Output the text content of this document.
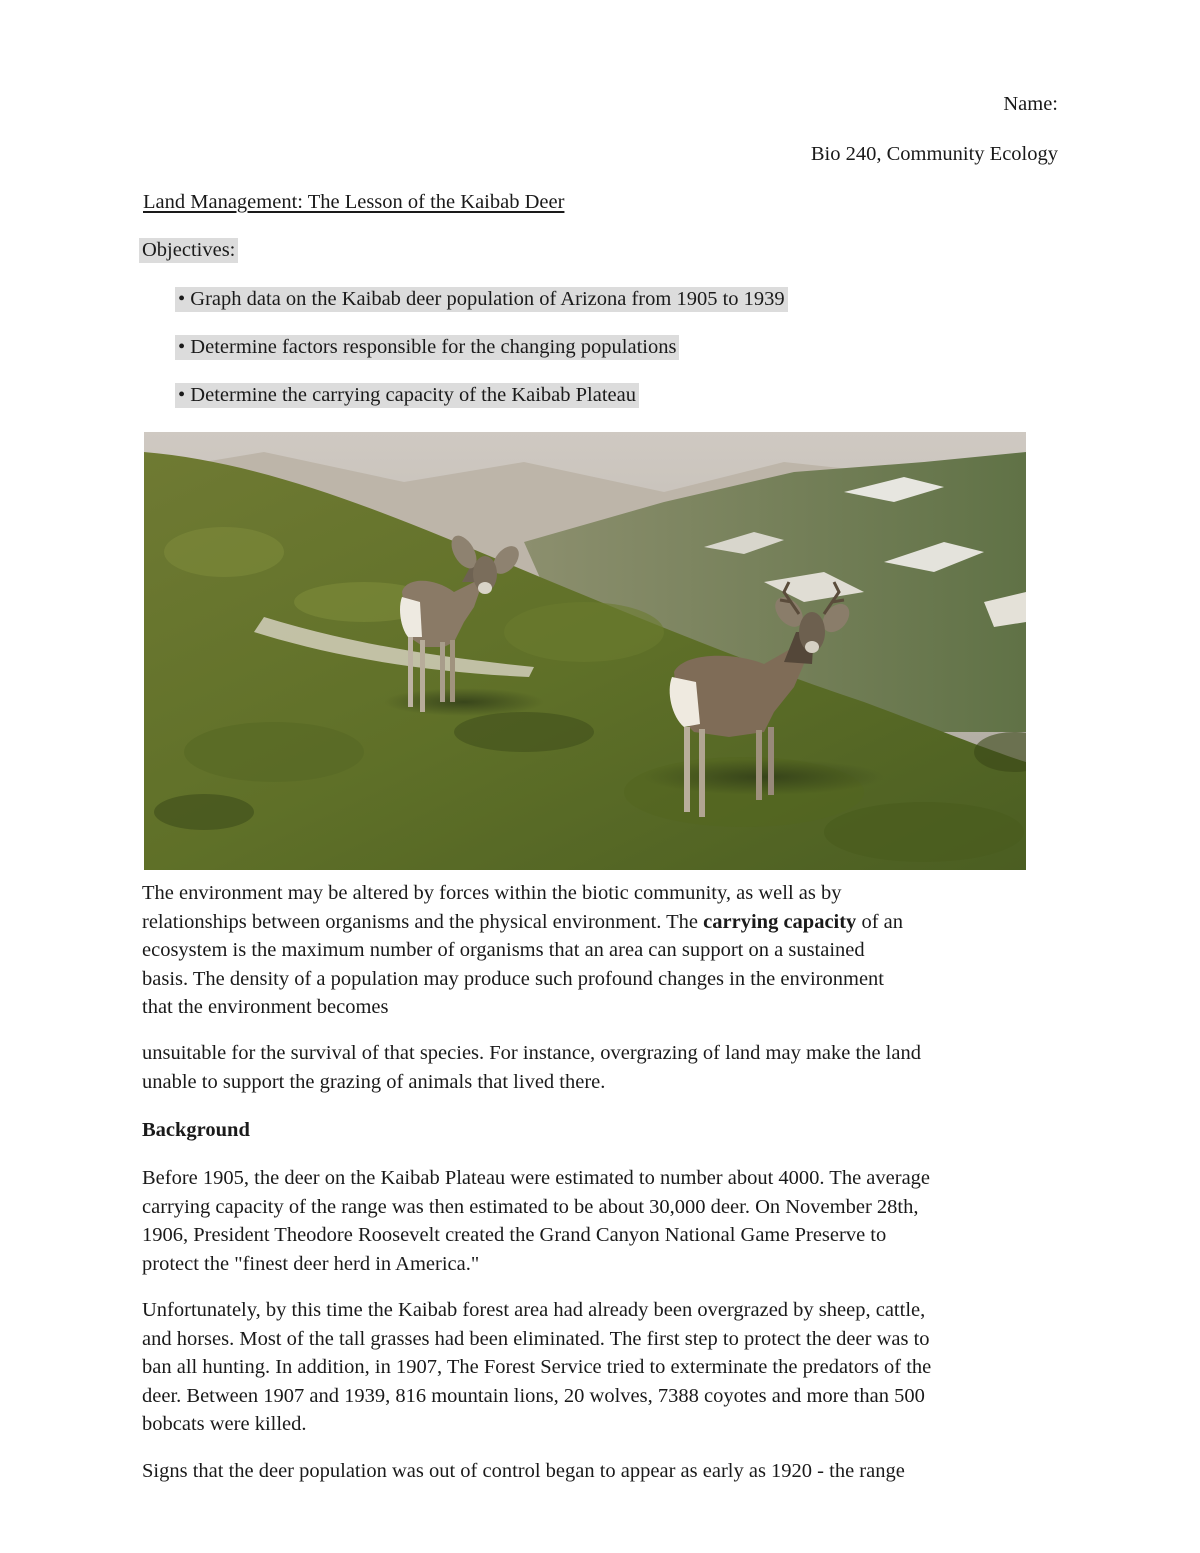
Name:
Bio 240, Community Ecology
Land Management: The Lesson of the Kaibab Deer
Objectives:
• Graph data on the Kaibab deer population of Arizona from 1905 to 1939
• Determine factors responsible for the changing populations
• Determine the carrying capacity of the Kaibab Plateau
The environment may be altered by forces within the biotic community, as well as by
relationships between organisms and the physical environment. The carrying capacity of an
ecosystem is the maximum number of organisms that an area can support on a sustained
basis. The density of a population may produce such profound changes in the environment
that the environment becomes
unsuitable for the survival of that species. For instance, overgrazing of land may make the land
unable to support the grazing of animals that lived there.
Background
Before 1905, the deer on the Kaibab Plateau were estimated to number about 4000. The average
carrying capacity of the range was then estimated to be about 30,000 deer. On November 28th,
1906, President Theodore Roosevelt created the Grand Canyon National Game Preserve to
protect the "finest deer herd in America."
Unfortunately, by this time the Kaibab forest area had already been overgrazed by sheep, cattle,
and horses. Most of the tall grasses had been eliminated. The first step to protect the deer was to
ban all hunting. In addition, in 1907, The Forest Service tried to exterminate the predators of the
deer. Between 1907 and 1939, 816 mountain lions, 20 wolves, 7388 coyotes and more than 500
bobcats were killed.
Signs that the deer population was out of control began to appear as early as 1920 - the range
